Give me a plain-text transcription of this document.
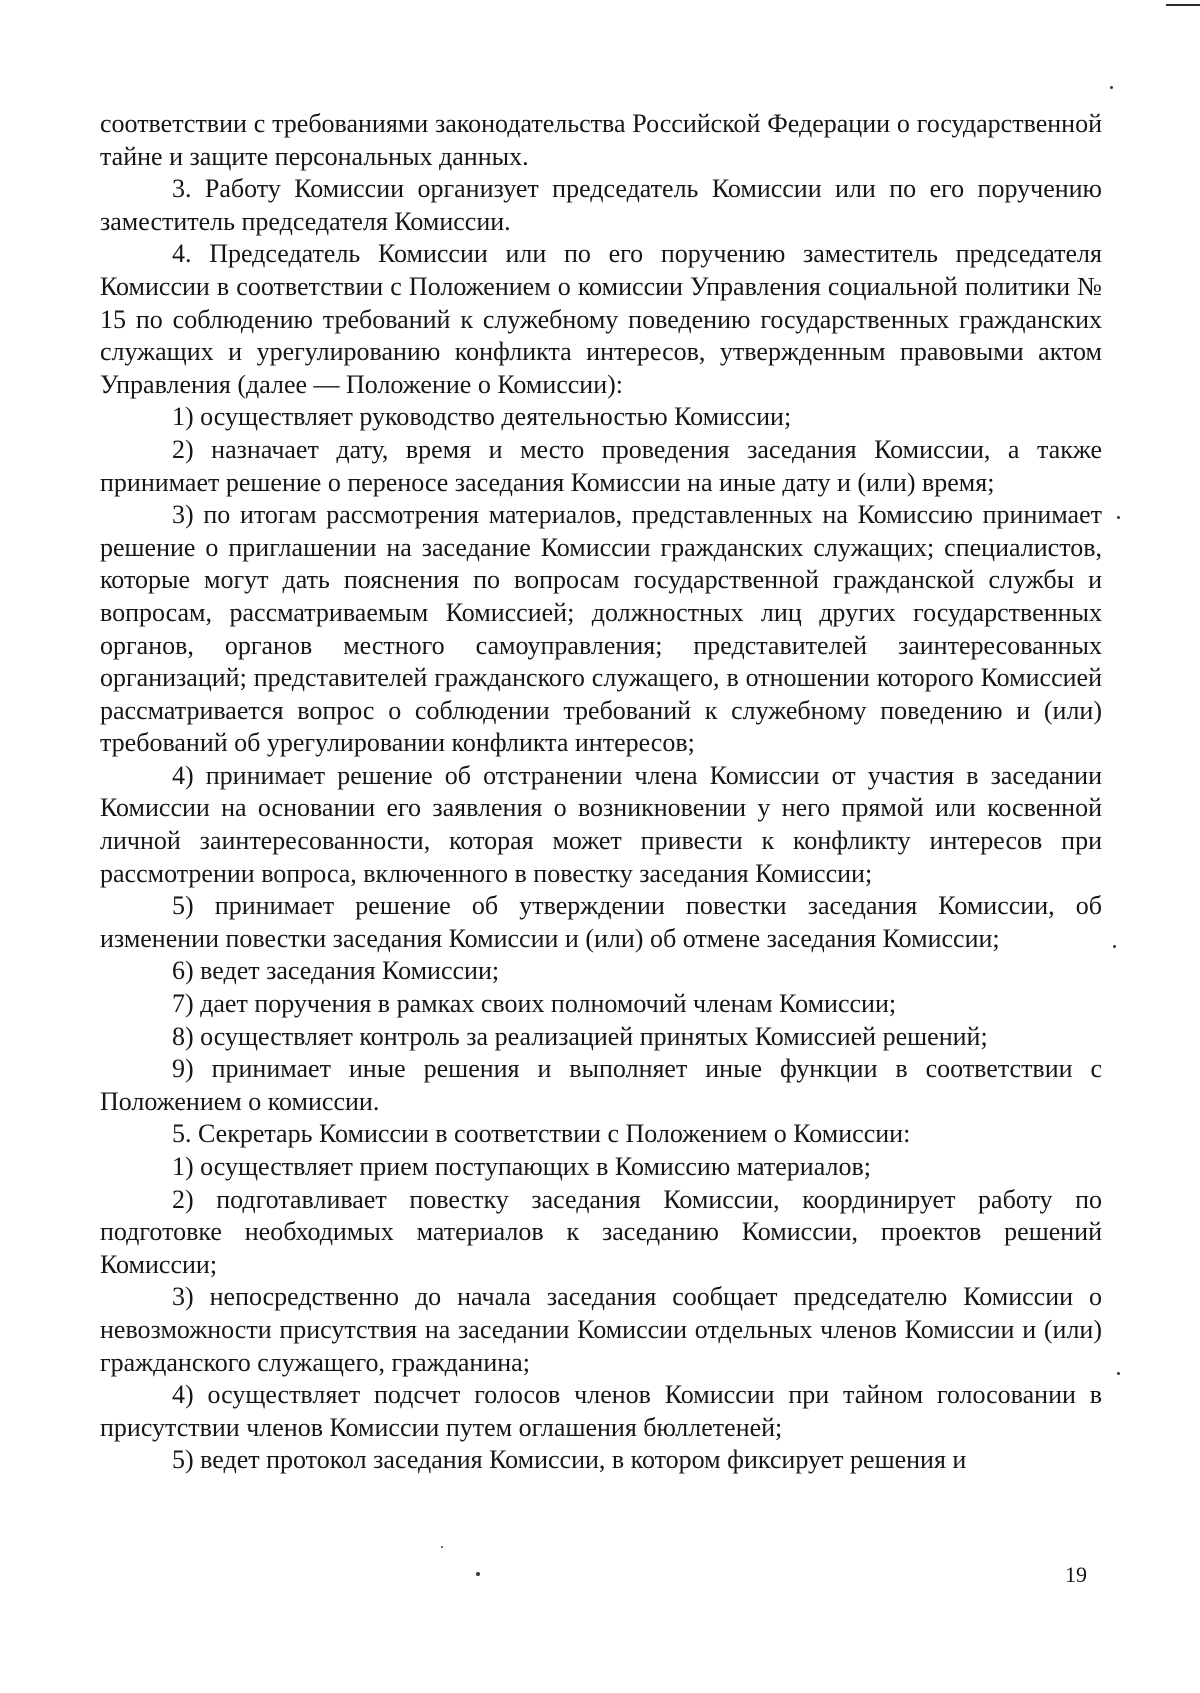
соответствии с требованиями законодательства Российской Федерации о государственной тайне и защите персональных данных.

3. Работу Комиссии организует председатель Комиссии или по его поручению заместитель председателя Комиссии.

4. Председатель Комиссии или по его поручению заместитель председателя Комиссии в соответствии с Положением о комиссии Управления социальной политики № 15 по соблюдению требований к служебному поведению государственных гражданских служащих и урегулированию конфликта интересов, утвержденным правовыми актом Управления (далее — Положение о Комиссии):

1) осуществляет руководство деятельностью Комиссии;

2) назначает дату, время и место проведения заседания Комиссии, а также принимает решение о переносе заседания Комиссии на иные дату и (или) время;

3) по итогам рассмотрения материалов, представленных на Комиссию принимает решение о приглашении на заседание Комиссии гражданских служащих; специалистов, которые могут дать пояснения по вопросам государственной гражданской службы и вопросам, рассматриваемым Комиссией; должностных лиц других государственных органов, органов местного самоуправления; представителей заинтересованных организаций; представителей гражданского служащего, в отношении которого Комиссией рассматривается вопрос о соблюдении требований к служебному поведению и (или) требований об урегулировании конфликта интересов;

4) принимает решение об отстранении члена Комиссии от участия в заседании Комиссии на основании его заявления о возникновении у него прямой или косвенной личной заинтересованности, которая может привести к конфликту интересов при рассмотрении вопроса, включенного в повестку заседания Комиссии;

5) принимает решение об утверждении повестки заседания Комиссии, об изменении повестки заседания Комиссии и (или) об отмене заседания Комиссии;

6) ведет заседания Комиссии;

7) дает поручения в рамках своих полномочий членам Комиссии;

8) осуществляет контроль за реализацией принятых Комиссией решений;

9) принимает иные решения и выполняет иные функции в соответствии с Положением о комиссии.

5. Секретарь Комиссии в соответствии с Положением о Комиссии:

1) осуществляет прием поступающих в Комиссию материалов;

2) подготавливает повестку заседания Комиссии, координирует работу по подготовке необходимых материалов к заседанию Комиссии, проектов решений Комиссии;

3) непосредственно до начала заседания сообщает председателю Комиссии о невозможности присутствия на заседании Комиссии отдельных членов Комиссии и (или) гражданского служащего, гражданина;

4) осуществляет подсчет голосов членов Комиссии при тайном голосовании в присутствии членов Комиссии путем оглашения бюллетеней;

5) ведет протокол заседания Комиссии, в котором фиксирует решения и

19
